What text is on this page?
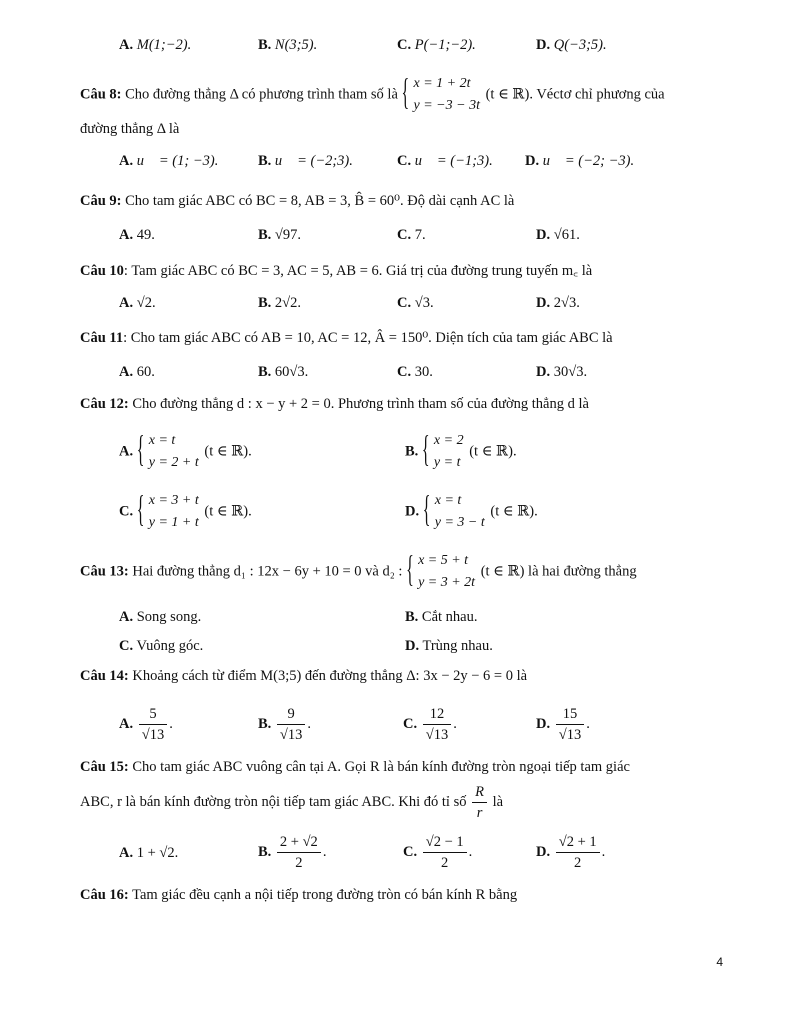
A. M(1;−2).	B. N(3;5).	C. P(−1;−2).	D. Q(−3;5).
Câu 8: Cho đường thẳng Δ có phương trình tham số là
{ x = 1 + 2t
y = −3 − 3t
(t ∈ ℝ). Véctơ chỉ phương của
đường thẳng Δ là
A. u⃗ = (1; −3).	B. u⃗ = (−2;3).	C. u⃗ = (−1;3). D. u⃗ = (−2; −3).
Câu 9: Cho tam giác ABC có BC = 8, AB = 3, B̂ = 60⁰. Độ dài cạnh AC là
A. 49.	B. √97.	C. 7.	D. √61.
Câu 10: Tam giác ABC có BC = 3, AC = 5, AB = 6. Giá trị của đường trung tuyến m꜀ là
A. √2.	B. 2√2.	C. √3.	D. 2√3.
Câu 11: Cho tam giác ABC có AB = 10, AC = 12, Â = 150⁰. Diện tích của tam giác ABC là
A. 60.	B. 60√3.	C. 30.	D. 30√3.
Câu 12: Cho đường thẳng d : x − y + 2 = 0. Phương trình tham số của đường thẳng d là
A.
{ x = t
y = 2 + t
(t ∈ ℝ).	B.
{ x = 2
y = t
(t ∈ ℝ).
C.
{ x = 3 + t
y = 1 + t
(t ∈ ℝ).	D.
{ x = t
y = 3 − t
(t ∈ ℝ).
Câu 13: Hai đường thẳng d₁ : 12x − 6y + 10 = 0 và d₂ :
{ x = 5 + t
y = 3 + 2t
(t ∈ ℝ) là hai đường thẳng
A. Song song.	B. Cắt nhau.
C. Vuông góc.	D. Trùng nhau.
Câu 14: Khoảng cách từ điểm M(3;5) đến đường thẳng Δ: 3x − 2y − 6 = 0 là
A. $\frac{5}{√13}$ .	B. $\frac{9}{√13}$ .	C. $\frac{12}{√13}$ .	D. $\frac{15}{√13}$ .
Câu 15: Cho tam giác ABC vuông cân tại A. Gọi R là bán kính đường tròn ngoại tiếp tam giác
ABC, r là bán kính đường tròn nội tiếp tam giác ABC. Khi đó tỉ số $\frac{R}{r}$ là
A. 1 + √2.	B. $\frac{2 + √2}{2}$ .	C. $\frac{√2 - 1}{2}$ .	D. $\frac{√2 + 1}{2}$ .
Câu 16: Tam giác đều cạnh a nội tiếp trong đường tròn có bán kính R bằng
4
